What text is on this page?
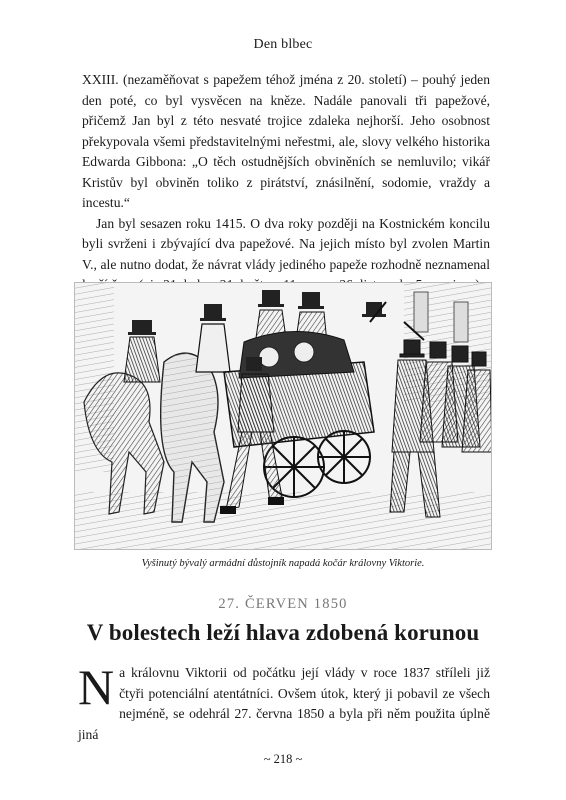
Den blbec

XXIII. (nezaměňovat s papežem téhož jména z 20. století) – pouhý jeden den poté, co byl vysvěcen na kněze. Nadále panovali tři papežové, přičemž Jan byl z této nesvaté trojice zdaleka nejhorší. Jeho osobnost překypovala všemi představitelnými neřestmi, ale, slovy velkého historika Edwarda Gibbona: „O těch ostudnějších obviněních se nemluvilo; vikář Kristův byl obviněn toliko z pirátství, znásilnění, sodomie, vraždy a incestu.“

Jan byl sesazen roku 1415. O dva roky později na Kostnickém koncilu byli svrženi i zbývající dva papežové. Na jejich místo byl zvolen Martin V., ale nutno dodat, že návrat vlády jediného papeže rozhodně neznamenal

Vyšinutý bývalý armádní důstojník napadá kočár královny Viktorie.
27. ČERVEN 1850
V bolestech leží hlava zdobená korunou
Na královnu Viktorii od počátku její vlády v roce 1837 stříleli již čtyři potenciální atentátníci. Ovšem útok, který ji pobavil ze všech nejméně, se odehrál 27. června 1850 a byla při něm použita úplně jiná
~ 218 ~
